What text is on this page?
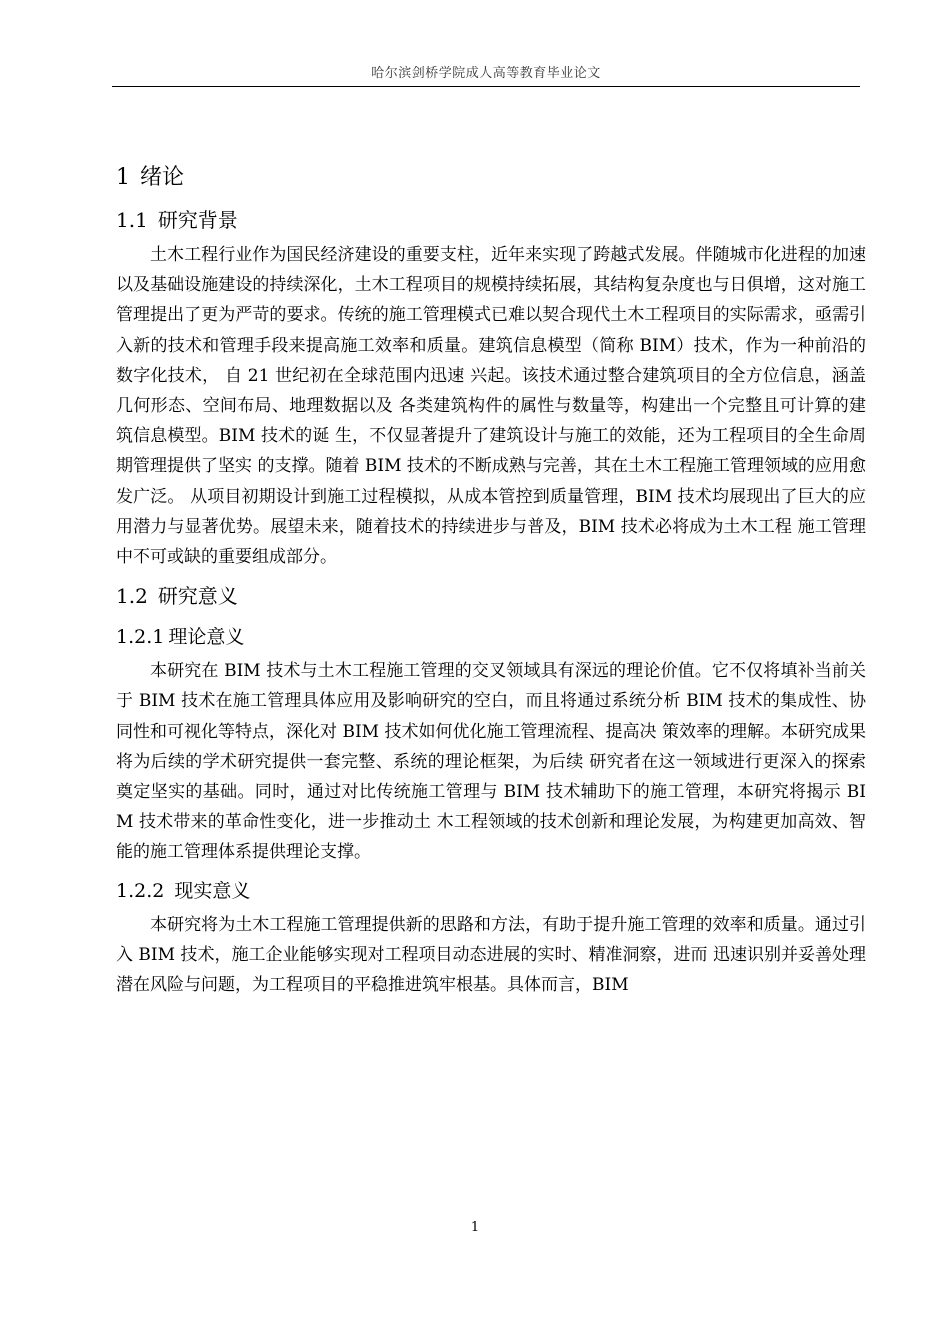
哈尔滨剑桥学院成人高等教育毕业论文
1 绪论
1.1 研究背景

土木工程行业作为国民经济建设的重要支柱，近年来实现了跨越式发展。伴随城市化进程的加速以及基础设施建设的持续深化，土木工程项目的规模持续拓展，其结构复杂度也与日俱增，这对施工管理提出了更为严苛的要求。传统的施工管理模式已难以契合现代土木工程项目的实际需求，亟需引入新的技术和管理手段来提高施工效率和质量。建筑信息模型（简称 BIM）技术，作为一种前沿的数字化技术， 自 21 世纪初在全球范围内迅速 兴起。该技术通过整合建筑项目的全方位信息，涵盖几何形态、空间布局、地理数据以及 各类建筑构件的属性与数量等，构建出一个完整且可计算的建筑信息模型。BIM 技术的诞 生，不仅显著提升了建筑设计与施工的效能，还为工程项目的全生命周期管理提供了坚实 的支撑。随着 BIM 技术的不断成熟与完善，其在土木工程施工管理领域的应用愈发广泛。 从项目初期设计到施工过程模拟，从成本管控到质量管理，BIM 技术均展现出了巨大的应 用潜力与显著优势。展望未来，随着技术的持续进步与普及，BIM 技术必将成为土木工程 施工管理中不可或缺的重要组成部分。

1.2 研究意义
1.2.1 理论意义

本研究在 BIM 技术与土木工程施工管理的交叉领域具有深远的理论价值。它不仅将填补当前关于 BIM 技术在施工管理具体应用及影响研究的空白，而且将通过系统分析 BIM 技术的集成性、协同性和可视化等特点，深化对 BIM 技术如何优化施工管理流程、提高决 策效率的理解。本研究成果将为后续的学术研究提供一套完整、系统的理论框架，为后续 研究者在这一领域进行更深入的探索奠定坚实的基础。同时，通过对比传统施工管理与 BIM 技术辅助下的施工管理，本研究将揭示 BIM 技术带来的革命性变化，进一步推动土 木工程领域的技术创新和理论发展，为构建更加高效、智能的施工管理体系提供理论支撑。

1.2.2 现实意义

本研究将为土木工程施工管理提供新的思路和方法，有助于提升施工管理的效率和质量。通过引入 BIM 技术，施工企业能够实现对工程项目动态进展的实时、精准洞察，进而 迅速识别并妥善处理潜在风险与问题，为工程项目的平稳推进筑牢根基。具体而言，BIM

1
